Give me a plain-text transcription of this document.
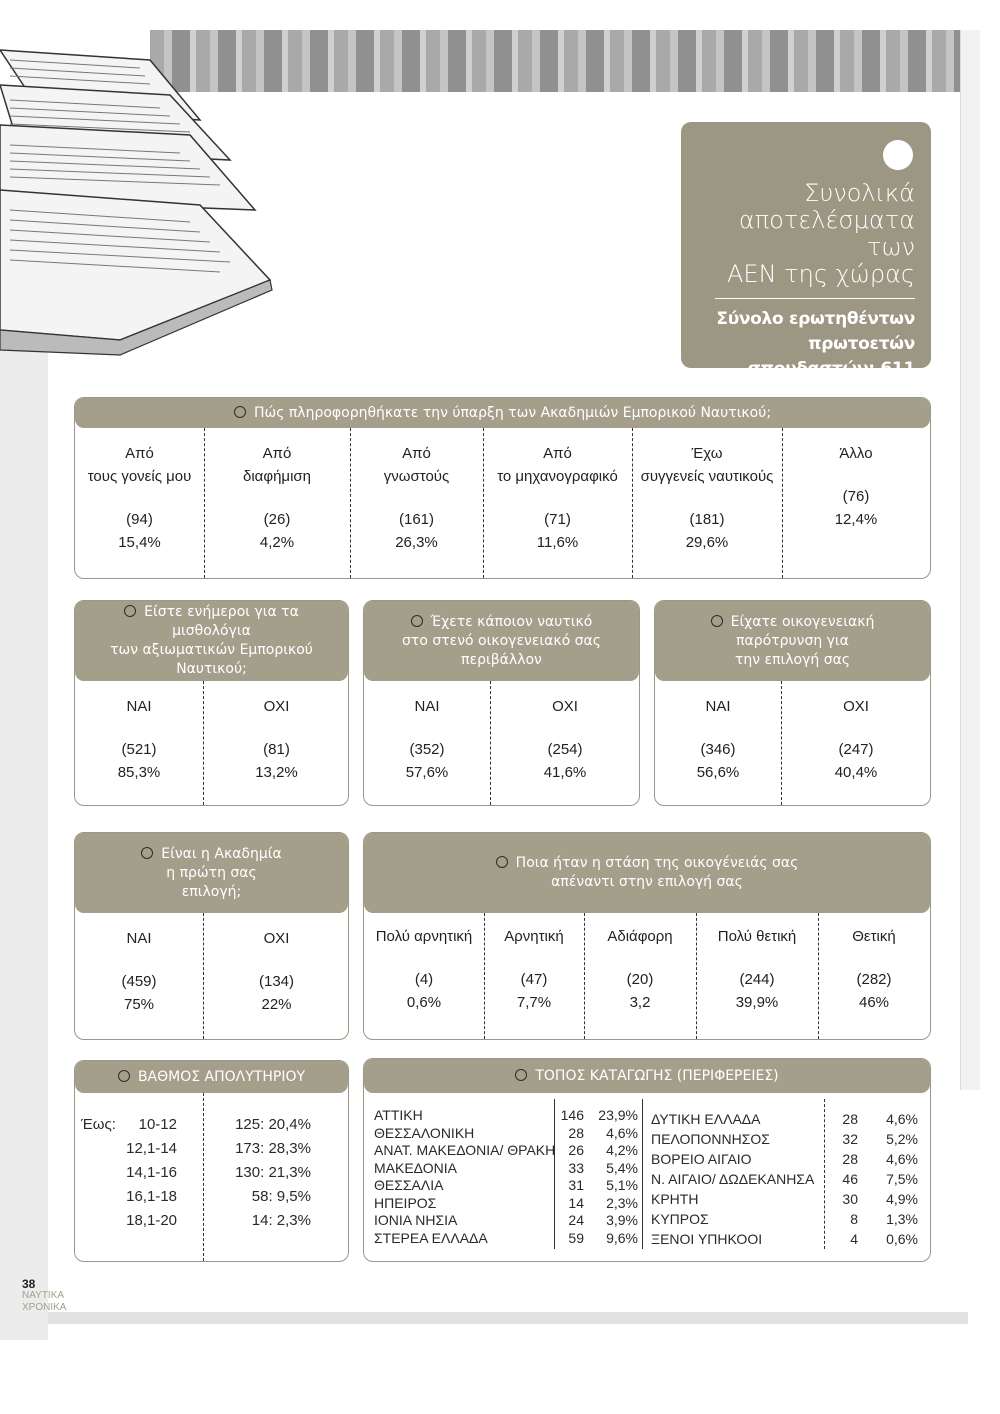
Συνολικά
αποτελέσματα των
ΑΕΝ της χώρας
Σύνολο ερωτηθέντων
πρωτοετών σπουδαστών: 611
Πώς πληροφορηθήκατε την ύπαρξη των Ακαδημιών Εμπορικού Ναυτικού;
Από
τους γονείς μου
(94)
15,4%
Από
διαφήμιση
(26)
4,2%
Από
γνωστούς
(161)
26,3%
Από
το μηχανογραφικό
(71)
11,6%
Έχω
συγγενείς ναυτικούς
(181)
29,6%
Άλλο
(76)
12,4%
Είστε ενήμεροι για τα μισθολόγια
των αξιωματικών Εμπορικού
Ναυτικού;
ΝΑΙ
(521)
85,3%
ΟΧΙ
(81)
13,2%
Έχετε κάποιον ναυτικό
στο στενό οικογενειακό σας
περιβάλλον
ΝΑΙ
(352)
57,6%
ΟΧΙ
(254)
41,6%
Είχατε οικογενειακή
παρότρυνση για
την επιλογή σας
ΝΑΙ
(346)
56,6%
ΟΧΙ
(247)
40,4%
Είναι η Ακαδημία
η πρώτη σας
επιλογή;
ΝΑΙ
(459)
75%
ΟΧΙ
(134)
22%
Ποια ήταν η στάση της οικογένειάς σας
απέναντι στην επιλογή σας
Πολύ αρνητική
(4)
0,6%
Αρνητική
(47)
7,7%
Αδιάφορη
(20)
3,2
Πολύ θετική
(244)
39,9%
Θετική
(282)
46%
ΒΑΘΜΟΣ ΑΠΟΛΥΤΗΡΙΟΥ
Έως:	10-12
12,1-14
14,1-16
16,1-18
18,1-20
125: 20,4%
173: 28,3%
130: 21,3%
58: 9,5%
14: 2,3%
ΤΟΠΟΣ ΚΑΤΑΓΩΓΗΣ (ΠΕΡΙΦΕΡΕΙΕΣ)
ΑΤΤΙΚΗ
ΘΕΣΣΑΛΟΝΙΚΗ
ΑΝΑΤ. ΜΑΚΕΔΟΝΙΑ/ ΘΡΑΚΗ
ΜΑΚΕΔΟΝΙΑ
ΘΕΣΣΑΛΙΑ
ΗΠΕΙΡΟΣ
ΙΟΝΙΑ ΝΗΣΙΑ
ΣΤΕΡΕΑ ΕΛΛΑΔΑ
146
28
26
33
31
14
24
59
23,9%
4,6%
4,2%
5,4%
5,1%
2,3%
3,9%
9,6%
ΔΥΤΙΚΗ ΕΛΛΑΔΑ
ΠΕΛΟΠΟΝΝΗΣΟΣ
ΒΟΡΕΙΟ ΑΙΓΑΙΟ
Ν. ΑΙΓΑΙΟ/ ΔΩΔΕΚΑΝΗΣΑ
ΚΡΗΤΗ
ΚΥΠΡΟΣ
ΞΕΝΟΙ ΥΠΗΚΟΟΙ
28
32
28
46
30
8
4
4,6%
5,2%
4,6%
7,5%
4,9%
1,3%
0,6%
38
ΝΑΥΤΙΚΑ
ΧΡΟΝΙΚΑ
